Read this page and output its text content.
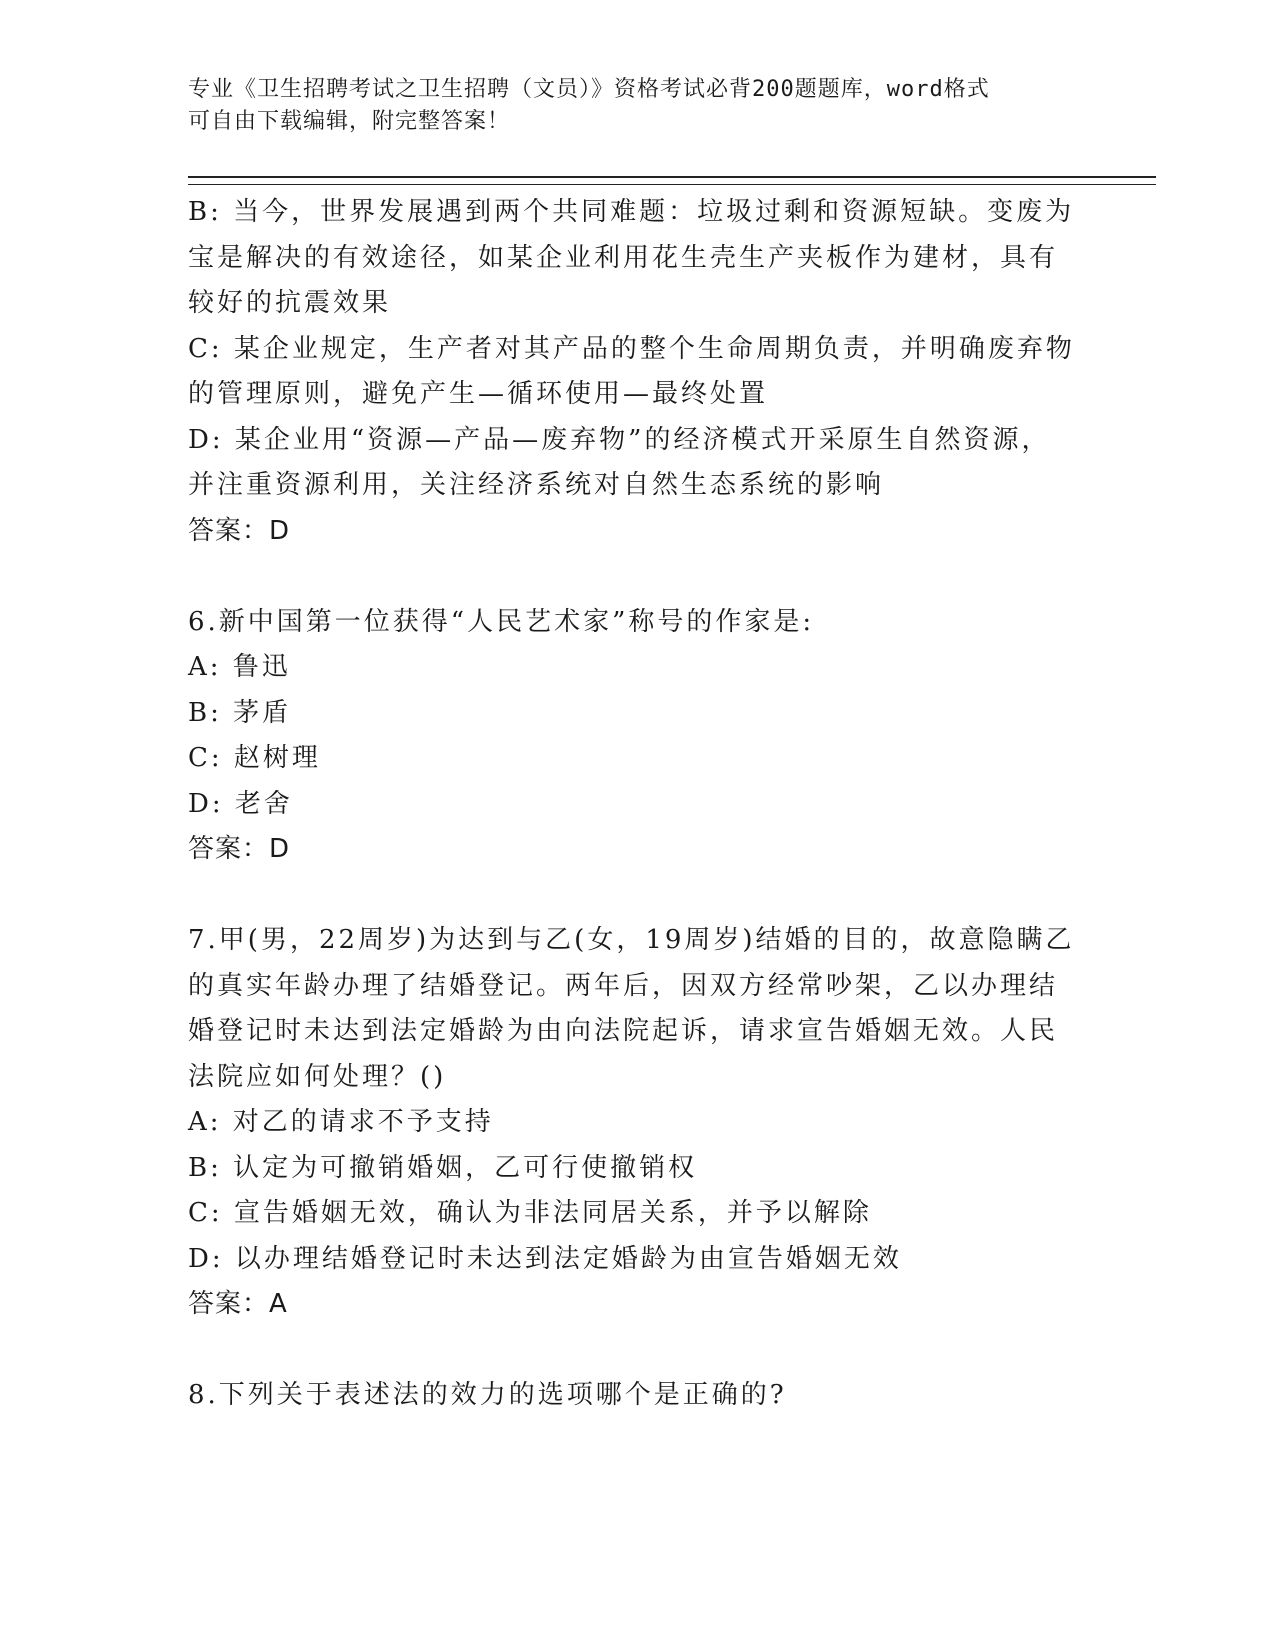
专业《卫生招聘考试之卫生招聘（文员）》资格考试必背200题题库，word格式
可自由下载编辑，附完整答案！
B: 当今，世界发展遇到两个共同难题：垃圾过剩和资源短缺。变废为
宝是解决的有效途径，如某企业利用花生壳生产夹板作为建材，具有
较好的抗震效果
C: 某企业规定，生产者对其产品的整个生命周期负责，并明确废弃物
的管理原则，避免产生—循环使用—最终处置
D: 某企业用“资源—产品—废弃物”的经济模式开采原生自然资源，
并注重资源利用，关注经济系统对自然生态系统的影响
答案：D
6.新中国第一位获得“人民艺术家”称号的作家是:
A: 鲁迅
B: 茅盾
C: 赵树理
D: 老舍
答案：D
7.甲(男，22周岁)为达到与乙(女，19周岁)结婚的目的，故意隐瞒乙
的真实年龄办理了结婚登记。两年后，因双方经常吵架，乙以办理结
婚登记时未达到法定婚龄为由向法院起诉，请求宣告婚姻无效。人民
法院应如何处理？()
A: 对乙的请求不予支持
B: 认定为可撤销婚姻，乙可行使撤销权
C: 宣告婚姻无效，确认为非法同居关系，并予以解除
D: 以办理结婚登记时未达到法定婚龄为由宣告婚姻无效
答案：A
8.下列关于表述法的效力的选项哪个是正确的?
